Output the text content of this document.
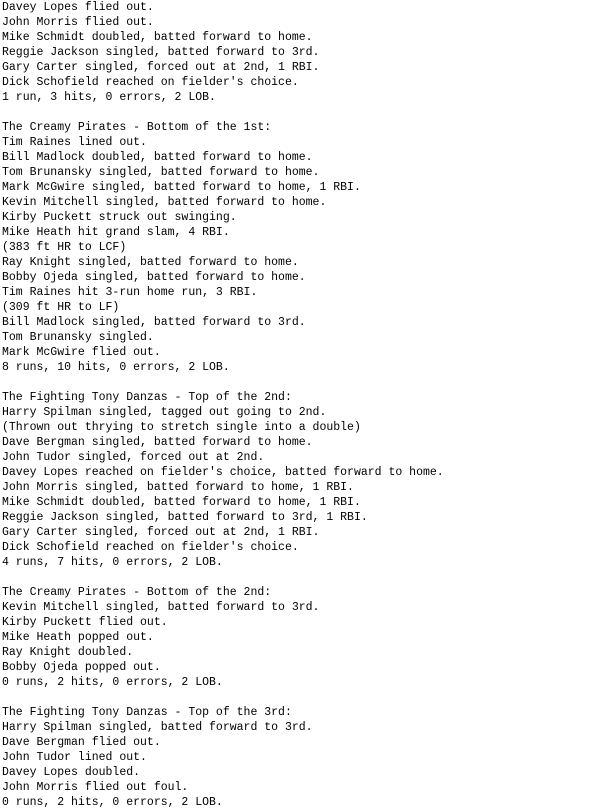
Davey Lopes flied out.
John Morris flied out.
Mike Schmidt doubled, batted forward to home.
Reggie Jackson singled, batted forward to 3rd.
Gary Carter singled, forced out at 2nd, 1 RBI.
Dick Schofield reached on fielder's choice.
1 run, 3 hits, 0 errors, 2 LOB.
The Creamy Pirates - Bottom of the 1st:
Tim Raines lined out.
Bill Madlock doubled, batted forward to home.
Tom Brunansky singled, batted forward to home.
Mark McGwire singled, batted forward to home, 1 RBI.
Kevin Mitchell singled, batted forward to home.
Kirby Puckett struck out swinging.
Mike Heath hit grand slam, 4 RBI.
(383 ft HR to LCF)
Ray Knight singled, batted forward to home.
Bobby Ojeda singled, batted forward to home.
Tim Raines hit 3-run home run, 3 RBI.
(309 ft HR to LF)
Bill Madlock singled, batted forward to 3rd.
Tom Brunansky singled.
Mark McGwire flied out.
8 runs, 10 hits, 0 errors, 2 LOB.
The Fighting Tony Danzas - Top of the 2nd:
Harry Spilman singled, tagged out going to 2nd.
(Thrown out thrying to stretch single into a double)
Dave Bergman singled, batted forward to home.
John Tudor singled, forced out at 2nd.
Davey Lopes reached on fielder's choice, batted forward to home.
John Morris singled, batted forward to home, 1 RBI.
Mike Schmidt doubled, batted forward to home, 1 RBI.
Reggie Jackson singled, batted forward to 3rd, 1 RBI.
Gary Carter singled, forced out at 2nd, 1 RBI.
Dick Schofield reached on fielder's choice.
4 runs, 7 hits, 0 errors, 2 LOB.
The Creamy Pirates - Bottom of the 2nd:
Kevin Mitchell singled, batted forward to 3rd.
Kirby Puckett flied out.
Mike Heath popped out.
Ray Knight doubled.
Bobby Ojeda popped out.
0 runs, 2 hits, 0 errors, 2 LOB.
The Fighting Tony Danzas - Top of the 3rd:
Harry Spilman singled, batted forward to 3rd.
Dave Bergman flied out.
John Tudor lined out.
Davey Lopes doubled.
John Morris flied out foul.
0 runs, 2 hits, 0 errors, 2 LOB.
